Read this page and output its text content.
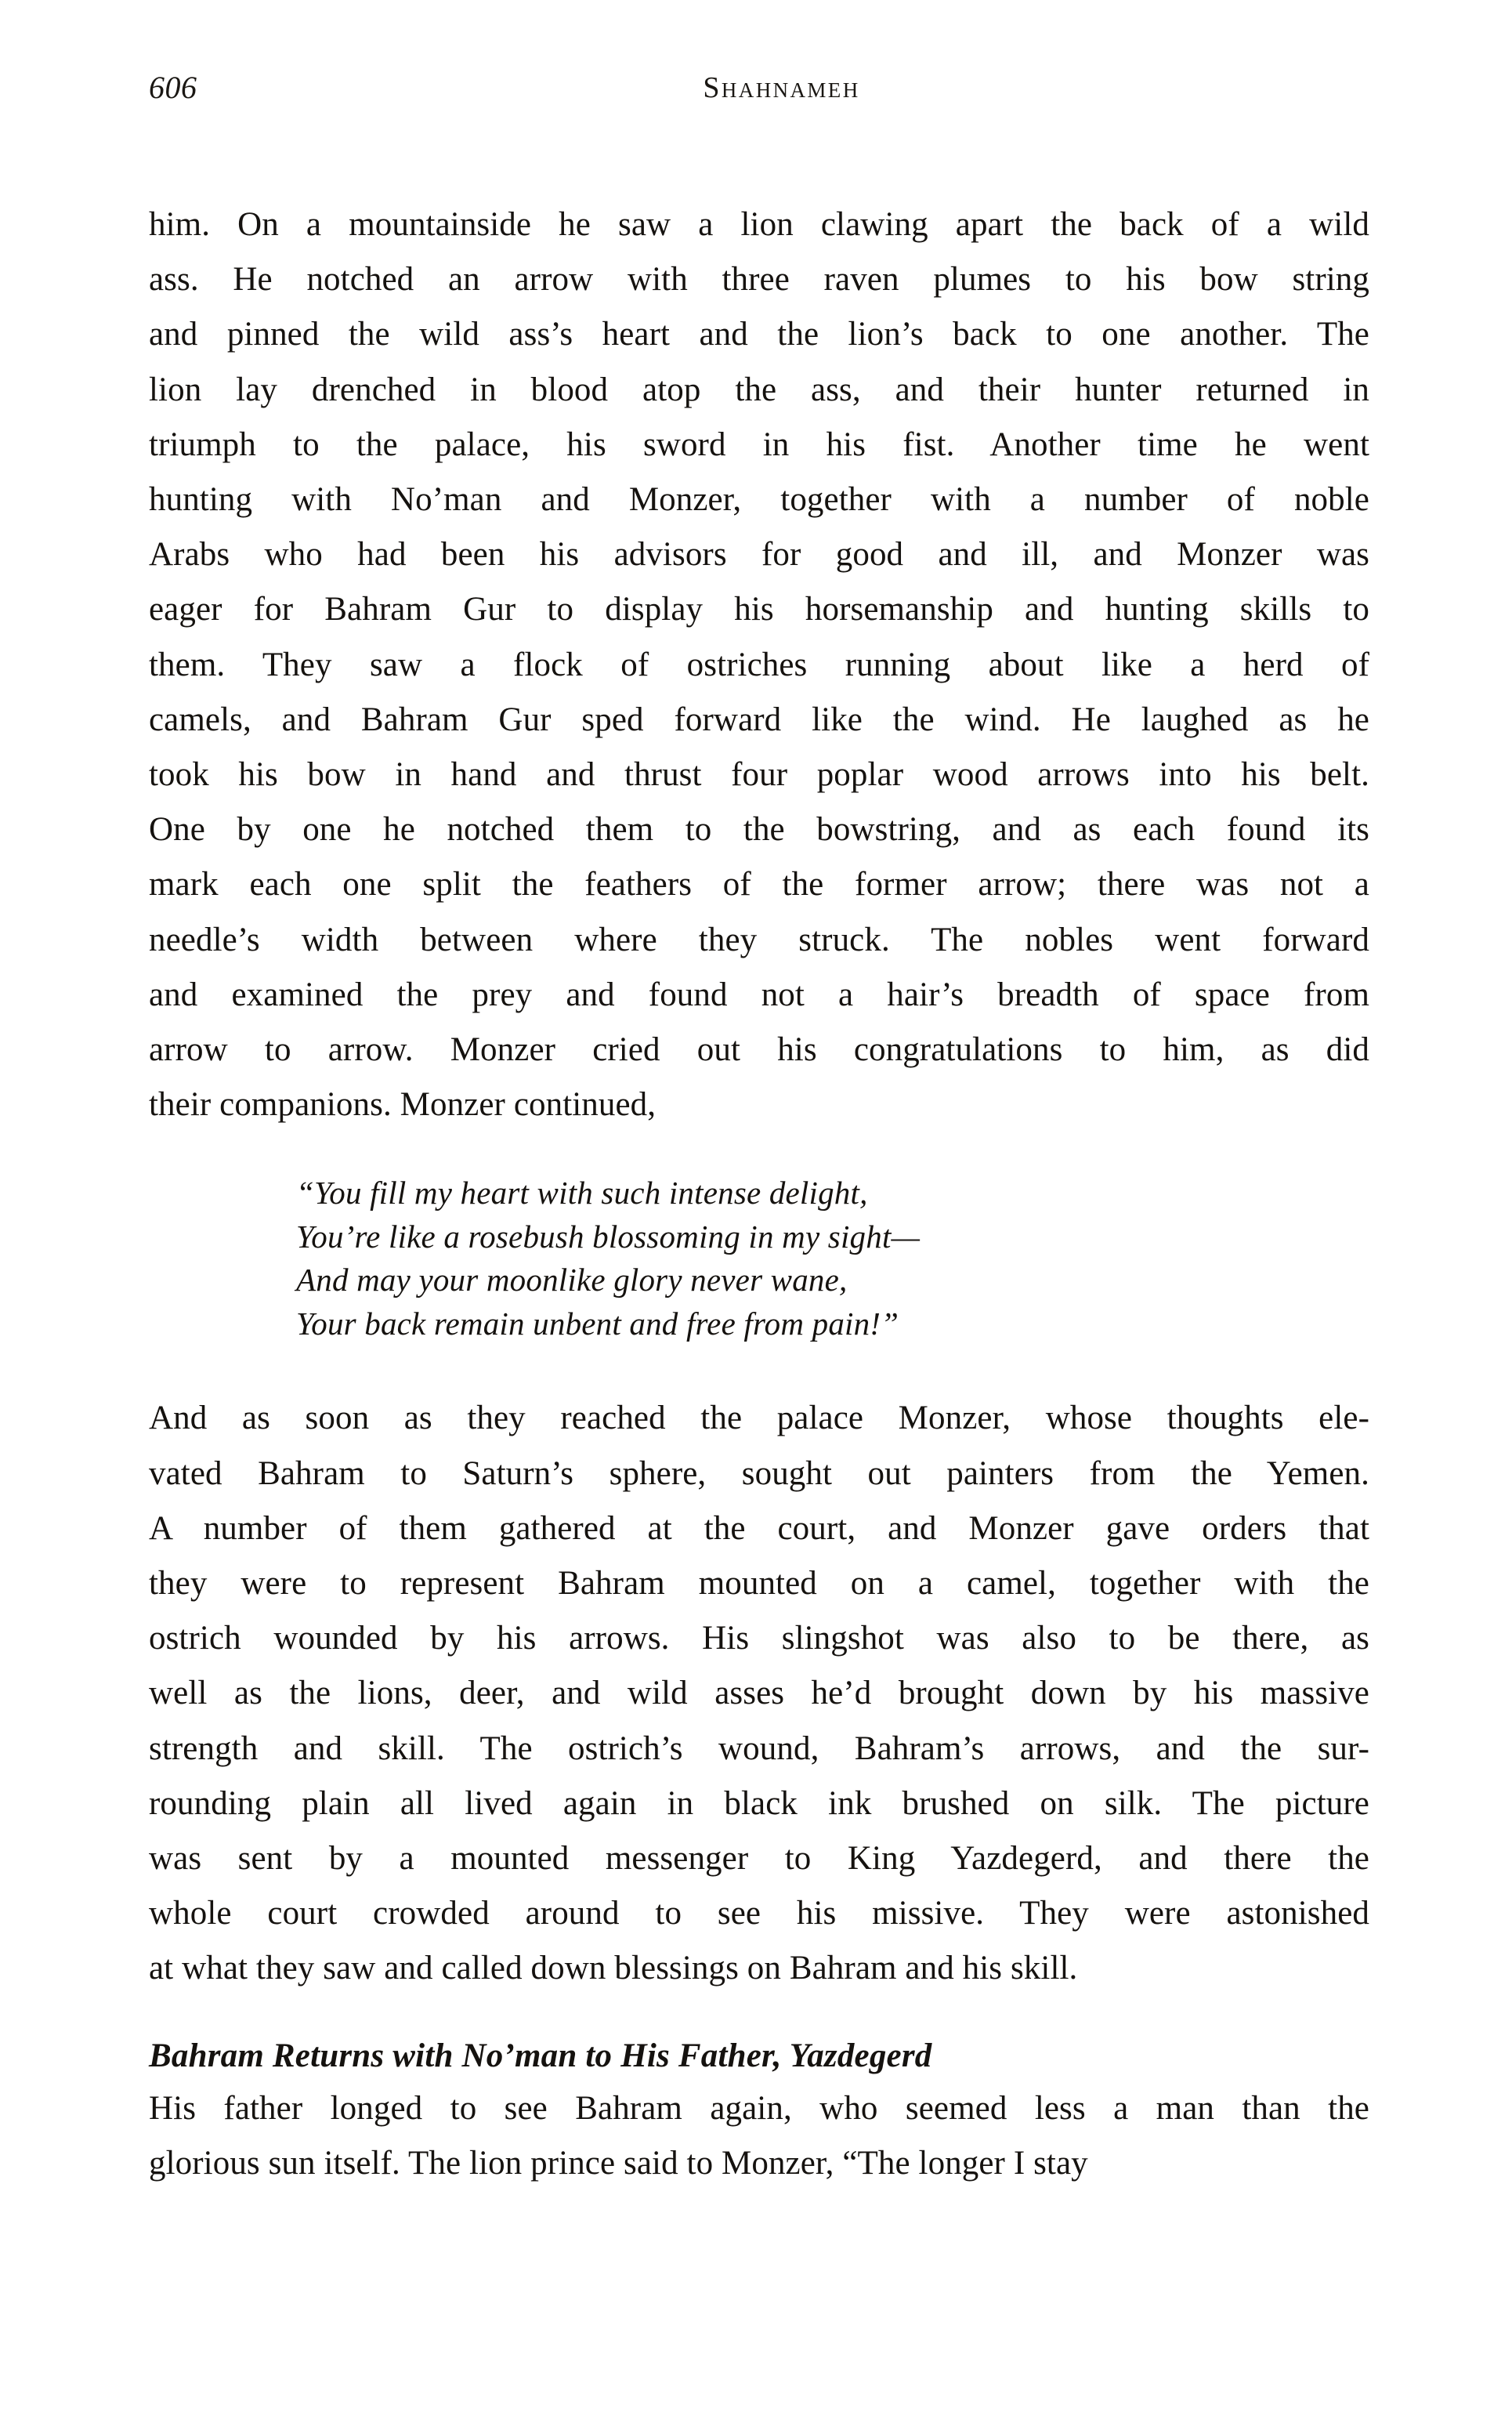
606	Shahnameh

him. On a mountainside he saw a lion clawing apart the back of a wild
ass. He notched an arrow with three raven plumes to his bow string
and pinned the wild ass’s heart and the lion’s back to one another. The
lion lay drenched in blood atop the ass, and their hunter returned in
triumph to the palace, his sword in his fist. Another time he went
hunting with No’man and Monzer, together with a number of noble
Arabs who had been his advisors for good and ill, and Monzer was
eager for Bahram Gur to display his horsemanship and hunting skills to
them. They saw a flock of ostriches running about like a herd of
camels, and Bahram Gur sped forward like the wind. He laughed as he
took his bow in hand and thrust four poplar wood arrows into his belt.
One by one he notched them to the bowstring, and as each found its
mark each one split the feathers of the former arrow; there was not a
needle’s width between where they struck. The nobles went forward
and examined the prey and found not a hair’s breadth of space from
arrow to arrow. Monzer cried out his congratulations to him, as did
their companions. Monzer continued,

“You fill my heart with such intense delight,
You’re like a rosebush blossoming in my sight—
And may your moonlike glory never wane,
Your back remain unbent and free from pain!”

And as soon as they reached the palace Monzer, whose thoughts ele-
vated Bahram to Saturn’s sphere, sought out painters from the Yemen.
A number of them gathered at the court, and Monzer gave orders that
they were to represent Bahram mounted on a camel, together with the
ostrich wounded by his arrows. His slingshot was also to be there, as
well as the lions, deer, and wild asses he’d brought down by his massive
strength and skill. The ostrich’s wound, Bahram’s arrows, and the sur-
rounding plain all lived again in black ink brushed on silk. The picture
was sent by a mounted messenger to King Yazdegerd, and there the
whole court crowded around to see his missive. They were astonished
at what they saw and called down blessings on Bahram and his skill.

Bahram Returns with No’man to His Father, Yazdegerd

His father longed to see Bahram again, who seemed less a man than the
glorious sun itself. The lion prince said to Monzer, “The longer I stay
